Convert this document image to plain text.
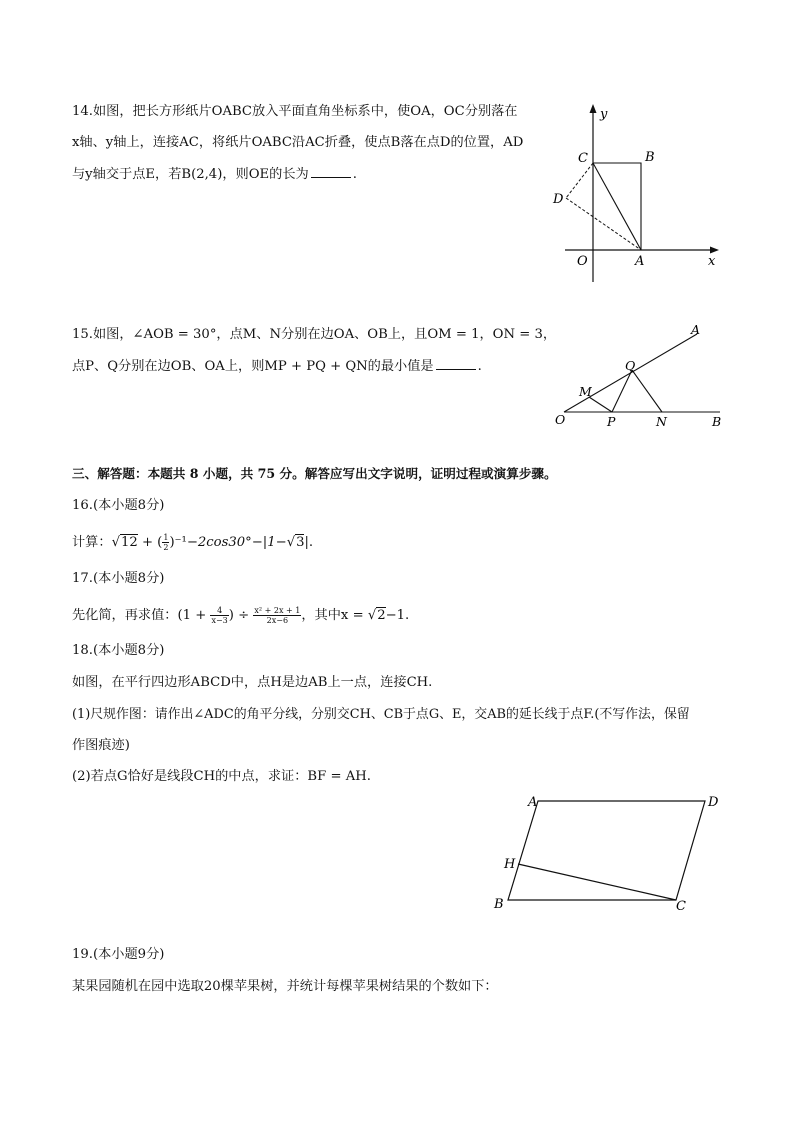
14.如图，把长方形纸片OABC放入平面直角坐标系中，使OA，OC分别落在
x轴、y轴上，连接AC，将纸片OABC沿AC折叠，使点B落在点D的位置，AD
与y轴交于点E，若B(2,4)，则OE的长为	.
y
x
C	B
D
O	A
15.如图，∠AOB = 30°，点M、N分别在边OA、OB上，且OM = 1，ON = 3，
点P、Q分别在边OB、OA上，则MP + PQ + QN的最小值是	.
A
Q
M
O	P	N	B
三、解答题：本题共 8 小题，共 75 分。解答应写出文字说明，证明过程或演算步骤。
16.(本小题8分)
计算：√12 + ( $\frac{1}{2} )^{-1}-2\cos 30^\circ-|1-√3|$.
17.(本小题8分)
先化简，再求值：($1 + \frac{4}{x-3}$ ) ÷ $\frac{\text{x² + 2x + 1}}{2x-6}$ ，其中x = √2−1.
18.(本小题8分)
如图，在平行四边形ABCD中，点H是边AB上一点，连接CH.
(1)尺规作图：请作出∠ADC的角平分线，分别交CH、CB于点G、E，交AB的延长线于点F.(不写作法，保留
作图痕迹)
(2)若点G恰好是线段CH的中点，求证：BF = AH.
A	D
H
B	C
19.(本小题9分)
某果园随机在园中选取20棵苹果树，并统计每棵苹果树结果的个数如下：
